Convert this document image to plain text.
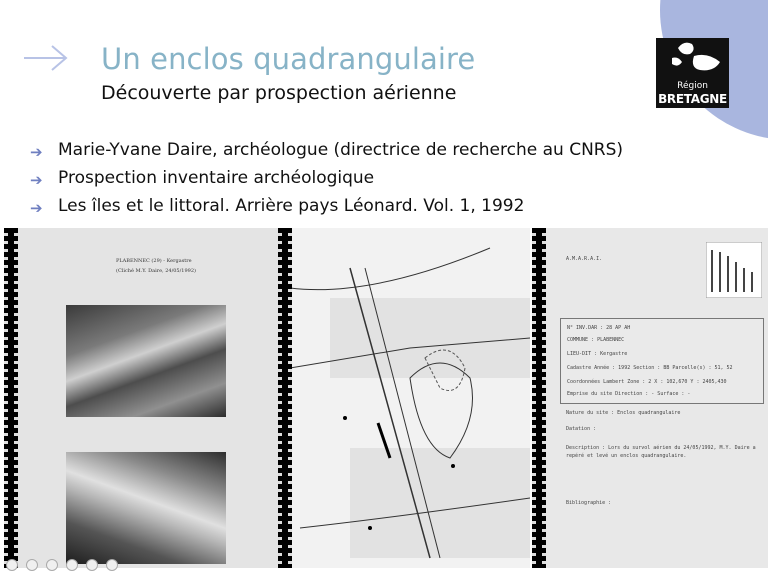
Un enclos quadrangulaire
Découverte par prospection aérienne	Région
BRETAGNE
➔ Marie-Yvane Daire, archéologue (directrice de recherche au CNRS)
➔ Prospection inventaire archéologique
➔ Les îles et le littoral. Arrière pays Léonard. Vol. 1, 1992
PLABENNEC (29) - Kergastre
(Cliché M.Y. Daire, 24/05/1992)
A.M.A.R.A.I.
N° INV.DAR : 28 AP AH
COMMUNE : PLABENNEC
LIEU-DIT : Kergastre
Cadastre Année : 1992 Section : BB Parcelle(s) : 51, 52
Coordonnées Lambert Zone : 2 X : 102,670 Y : 2405,430
Emprise du site Direction : - Surface : -
Nature du site : Enclos quadrangulaire
Datation :
Description : Lors du survol aérien du 24/05/1992, M.Y. Daire a repéré et levé un enclos quadrangulaire.
Bibliographie :
